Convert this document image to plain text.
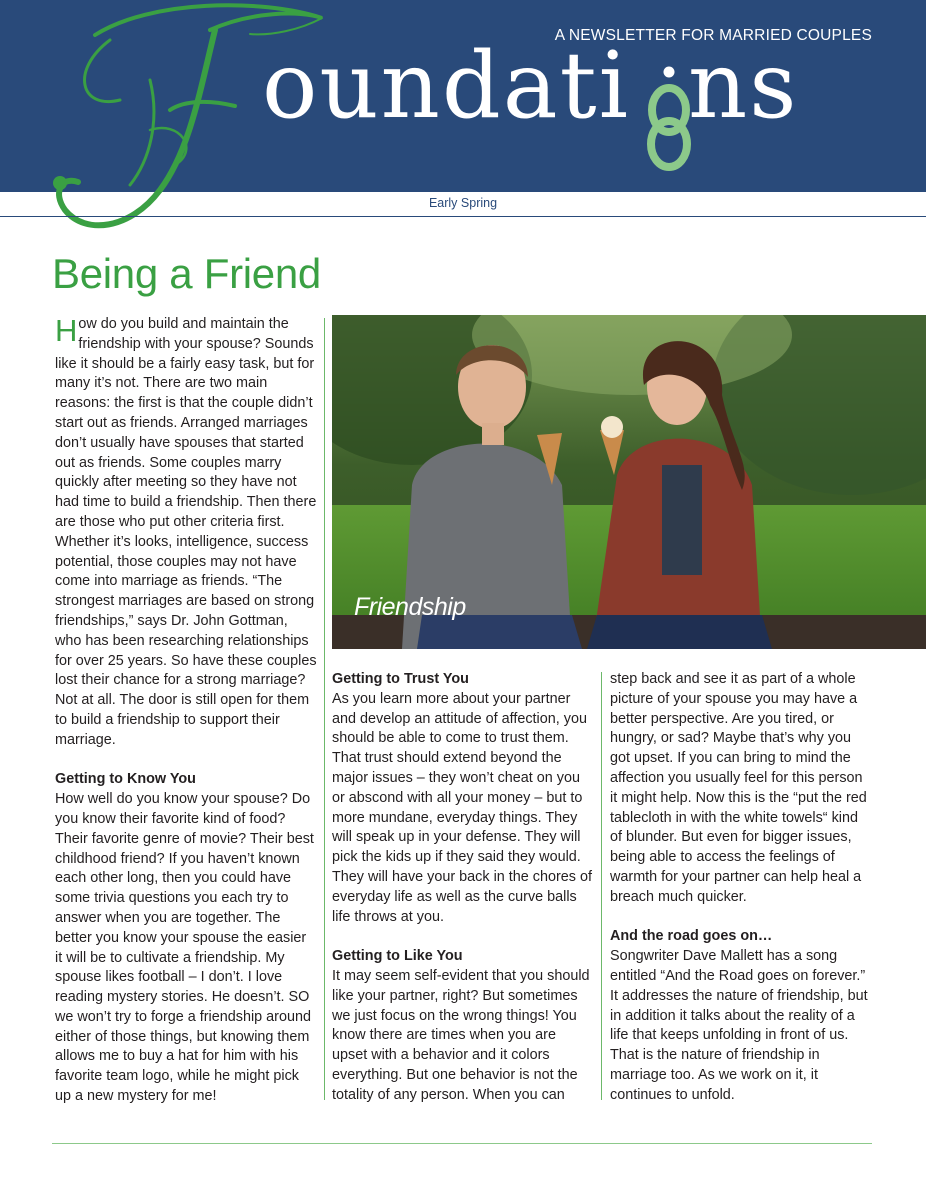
A NEWSLETTER FOR MARRIED COUPLES
oundati ns
Early Spring
Being a Friend

How do you build and maintain the friendship with your spouse? Sounds like it should be a fairly easy task, but for many it’s not. There are two main reasons: the first is that the couple didn’t start out as friends. Arranged marriages don’t usually have spouses that started out as friends. Some couples marry quickly after meeting so they have not had time to build a friendship. Then there are those who put other criteria first. Whether it’s looks, intelligence, success potential, those couples may not have come into marriage as friends. “The strongest marriages are based on strong friendships,” says Dr. John Gottman, who has been researching relationships for over 25 years. So have these couples lost their chance for a strong marriage? Not at all. The door is still open for them to build a friendship to support their marriage.

Getting to Know You

How well do you know your spouse? Do you know their favorite kind of food? Their favorite genre of movie? Their best childhood friend? If you haven’t known each other long, then you could have some trivia questions you each try to answer when you are together. The better you know your spouse the easier it will be to cultivate a friendship. My spouse likes football – I don’t. I love reading mystery stories. He doesn’t. SO we won’t try to forge a friendship around either of those things, but knowing them allows me to buy a hat for him with his favorite team logo, while he might pick up a new mystery for me!

Friendship
Getting to Trust You

As you learn more about your partner and develop an attitude of affection, you should be able to come to trust them. That trust should extend beyond the major issues – they won’t cheat on you or abscond with all your money – but to more mundane, everyday things. They will speak up in your defense. They will pick the kids up if they said they would. They will have your back in the chores of everyday life as well as the curve balls life throws at you.

Getting to Like You

It may seem self-evident that you should like your partner, right? But sometimes we just focus on the wrong things! You know there are times when you are upset with a behavior and it colors everything. But one behavior is not the totality of any person. When you can

step back and see it as part of a whole picture of your spouse you may have a better perspective. Are you tired, or hungry, or sad? Maybe that’s why you got upset. If you can bring to mind the affection you usually feel for this person it might help. Now this is the “put the red tablecloth in with the white towels“ kind of blunder. But even for bigger issues, being able to access the feelings of warmth for your partner can help heal a breach much quicker.

And the road goes on…

Songwriter Dave Mallett has a song entitled “And the Road goes on forever.” It addresses the nature of friendship, but in addition it talks about the reality of a life that keeps unfolding in front of us. That is the nature of friendship in marriage too. As we work on it, it continues to unfold.
